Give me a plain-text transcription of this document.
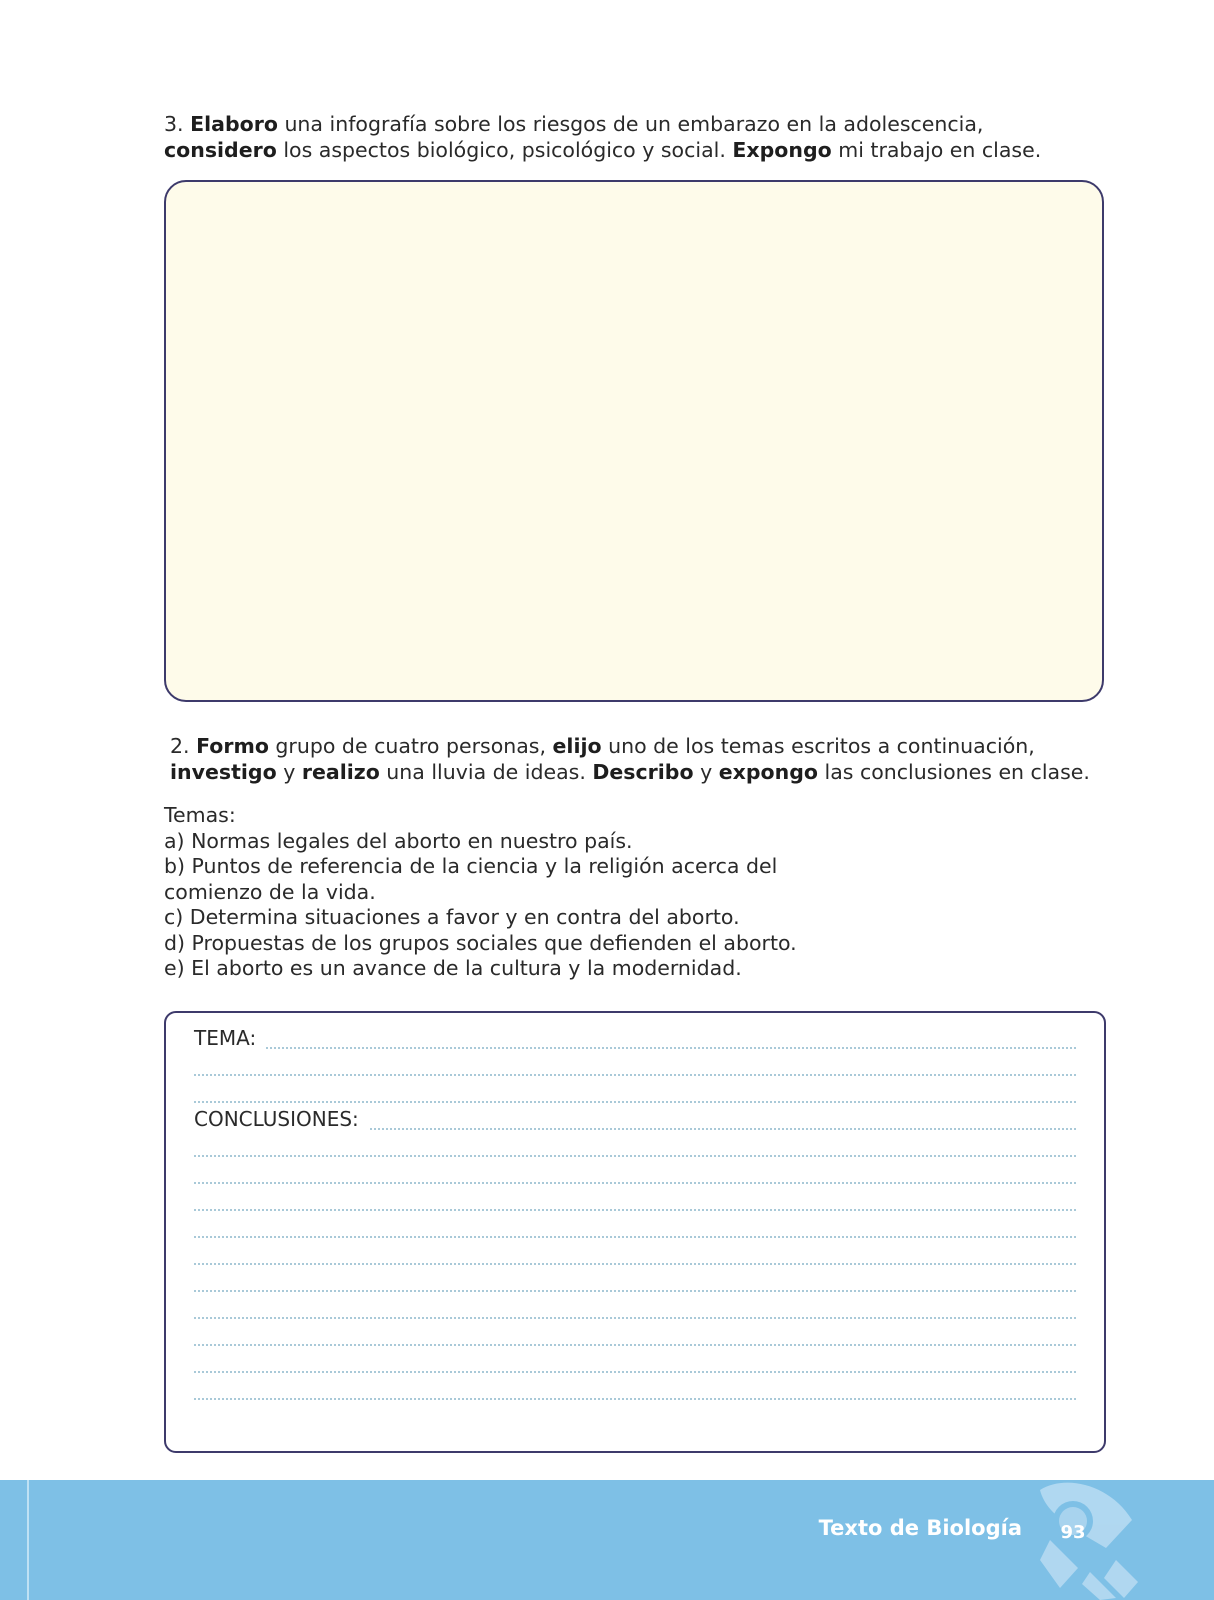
3. Elaboro una infografía sobre los riesgos de un embarazo en la adolescencia, considero los aspectos biológico, psicológico y social. Expongo mi trabajo en clase.

2. Formo grupo de cuatro personas, elijo uno de los temas escritos a continuación, investigo y realizo una lluvia de ideas. Describo y expongo las conclusiones en clase.

Temas:
a) Normas legales del aborto en nuestro país.
b) Puntos de referencia de la ciencia y la religión acerca del comienzo de la vida.
c) Determina situaciones a favor y en contra del aborto.
d) Propuestas de los grupos sociales que defienden el aborto.
e) El aborto es un avance de la cultura y la modernidad.
TEMA:
CONCLUSIONES:
Texto de Biología	93
